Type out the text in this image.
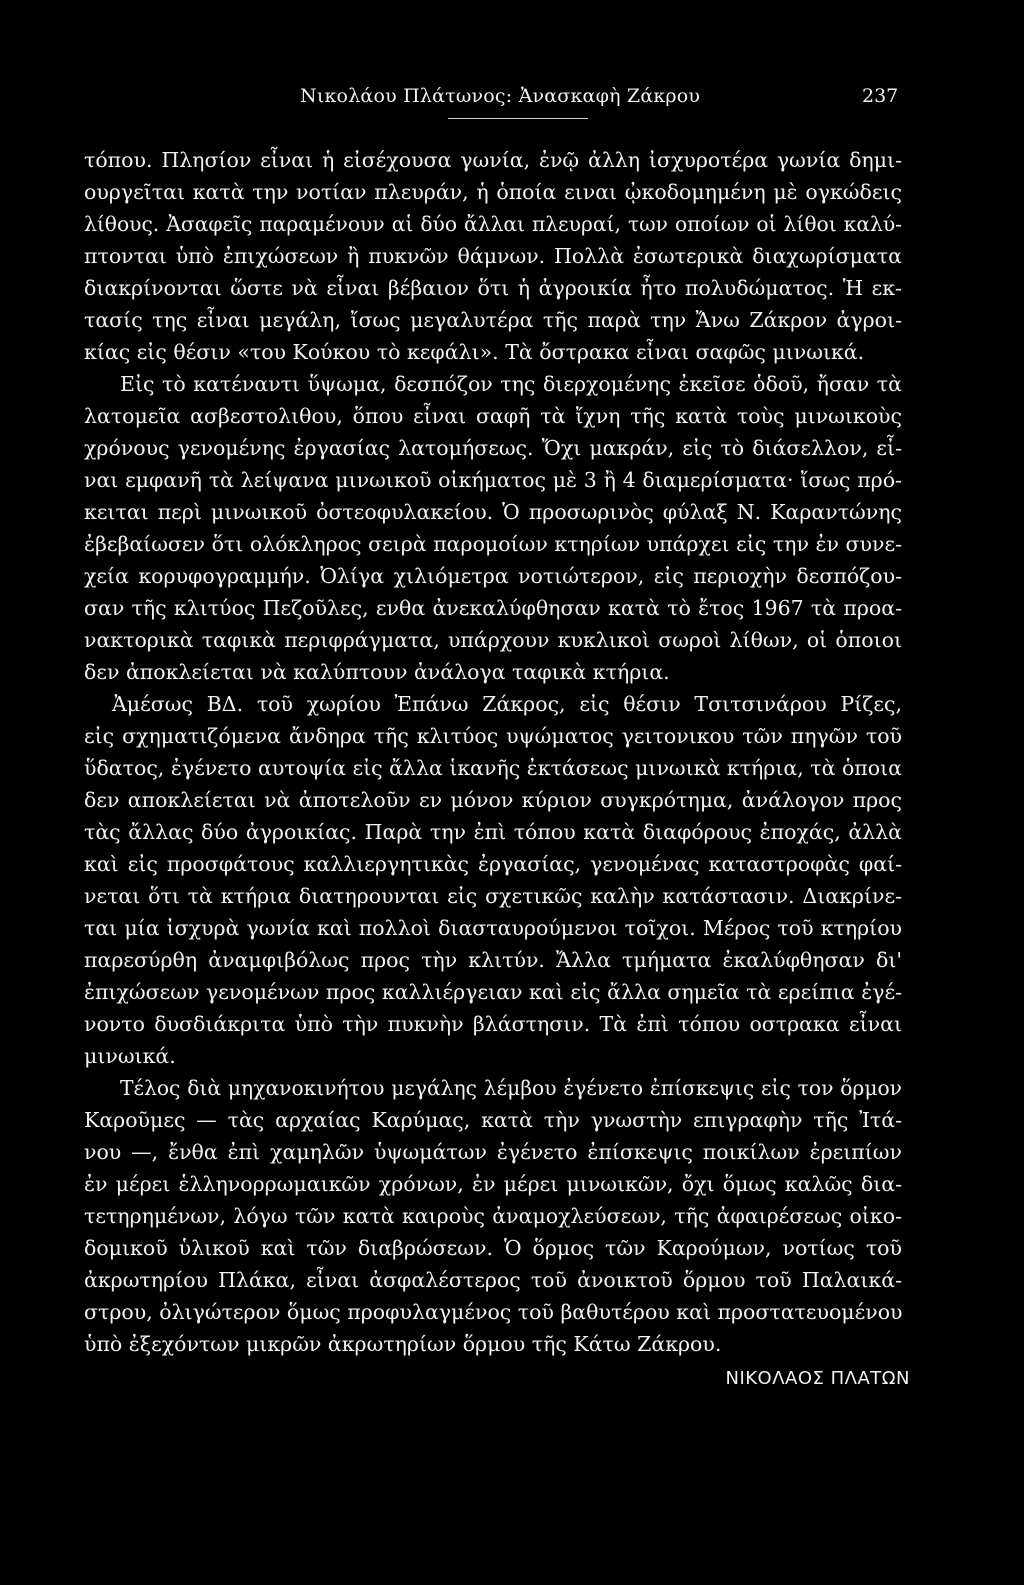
Νικολάου Πλάτωνος: Ἀνασκαφὴ Ζάκρου	237
τόπου. Πλησίον εἶναι ἡ εἰσέχουσα γωνία, ἐνῷ ἀλλη ἰσχυροτέρα γωνία δημι-
ουργεῖται κατὰ την νοτίαν πλευράν, ἡ ὁποία ειναι ᾠκοδομημένη μὲ ογκώδεις
λίθους. Ἀσαφεῖς παραμένουν αἱ δύο ἄλλαι πλευραί, των οποίων οἱ λίθοι καλύ-
πτονται ὑπὸ ἐπιχώσεων ἢ πυκνῶν θάμνων. Πολλὰ ἐσωτερικὰ διαχωρίσματα
διακρίνονται ὥστε νὰ εἶναι βέβαιον ὅτι ἡ ἀγροικία ἦτο πολυδώματος. Ἡ εκ-
τασίς της εἶναι μεγάλη, ἴσως μεγαλυτέρα τῆς παρὰ την Ἄνω Ζάκρον ἀγροι-
κίας εἰς θέσιν «του Κούκου τὸ κεφάλι». Τὰ ὄστρακα εἶναι σαφῶς μινωικά.
Εἰς τὸ κατέναντι ὕψωμα, δεσπόζον της διερχομένης ἐκεῖσε ὁδοῦ, ἤσαν τὰ
λατομεῖα ασβεστολιθου, ὅπου εἶναι σαφῆ τὰ ἴχνη τῆς κατὰ τοὺς μινωικοὺς
χρόνους γενομένης ἐργασίας λατομήσεως. Ὄχι μακράν, εἰς τὸ διάσελλον, εἶ-
ναι εμφανῆ τὰ λείψανα μινωικοῦ οἰκήματος μὲ 3 ἢ 4 διαμερίσματα· ἴσως πρό-
κειται περὶ μινωικοῦ ὀστεοφυλακείου. Ὁ προσωρινὸς φύλαξ Ν. Καραντώνης
ἐβεβαίωσεν ὅτι ολόκληρος σειρὰ παρομοίων κτηρίων υπάρχει εἰς την ἐν συνε-
χεία κορυφογραμμήν. Ὀλίγα χιλιόμετρα νοτιώτερον, εἰς περιοχὴν δεσπόζου-
σαν τῆς κλιτύος Πεζοῦλες, ενθα ἀνεκαλύφθησαν κατὰ τὸ ἔτος 1967 τὰ προα-
νακτορικὰ ταφικὰ περιφράγματα, υπάρχουν κυκλικοὶ σωροὶ λίθων, οἱ ὁποιοι
δεν ἀποκλείεται νὰ καλύπτουν ἀνάλογα ταφικὰ κτήρια.
Ἀμέσως ΒΔ. τοῦ χωρίου Ἐπάνω Ζάκρος, εἰς θέσιν Τσιτσινάρου Ρίζες,
εἰς σχηματιζόμενα ἄνδηρα τῆς κλιτύος υψώματος γειτονικου τῶν πηγῶν τοῦ
ὕδατος, ἐγένετο αυτοψία εἰς ἄλλα ἱκανῆς ἐκτάσεως μινωικὰ κτήρια, τὰ ὁποια
δεν αποκλείεται νὰ ἀποτελοῦν εν μόνον κύριον συγκρότημα, ἀνάλογον προς
τὰς ἄλλας δύο ἀγροικίας. Παρὰ την ἐπὶ τόπου κατὰ διαφόρους ἐποχάς, ἀλλὰ
καὶ εἰς προσφάτους καλλιεργητικὰς ἐργασίας, γενομένας καταστροφὰς φαί-
νεται ὅτι τὰ κτήρια διατηρουνται εἰς σχετικῶς καλὴν κατάστασιν. Διακρίνε-
ται μία ἰσχυρὰ γωνία καὶ πολλοὶ διασταυρούμενοι τοῖχοι. Μέρος τοῦ κτηρίου
παρεσύρθη ἀναμφιβόλως προς τὴν κλιτύν. Ἄλλα τμήματα ἐκαλύφθησαν δι'
ἐπιχώσεων γενομένων προς καλλιέργειαν καὶ εἰς ἄλλα σημεῖα τὰ ερείπια ἐγέ-
νοντο δυσδιάκριτα ὑπὸ τὴν πυκνὴν βλάστησιν. Τὰ ἐπὶ τόπου οστρακα εἶναι
μινωικά.
Τέλος διὰ μηχανοκινήτου μεγάλης λέμβου ἐγένετο ἐπίσκεψις εἰς τον ὅρμον
Καροῦμες — τὰς αρχαίας Καρύμας, κατὰ τὴν γνωστὴν επιγραφὴν τῆς Ἰτά-
νου —, ἔνθα ἐπὶ χαμηλῶν ὑψωμάτων ἐγένετο ἐπίσκεψις ποικίλων ἐρειπίων
ἐν μέρει ἑλληνορρωμαικῶν χρόνων, ἐν μέρει μινωικῶν, ὄχι ὅμως καλῶς δια-
τετηρημένων, λόγω τῶν κατὰ καιροὺς ἀναμοχλεύσεων, τῆς ἀφαιρέσεως οἰκο-
δομικοῦ ὑλικοῦ καὶ τῶν διαβρώσεων. Ὁ ὅρμος τῶν Καρούμων, νοτίως τοῦ
ἀκρωτηρίου Πλάκα, εἶναι ἀσφαλέστερος τοῦ ἀνοικτοῦ ὅρμου τοῦ Παλαικά-
στρου, ὀλιγώτερον ὅμως προφυλαγμένος τοῦ βαθυτέρου καὶ προστατευομένου
ὑπὸ ἐξεχόντων μικρῶν ἀκρωτηρίων ὅρμου τῆς Κάτω Ζάκρου.
ΝΙΚΟΛΑΟΣ ΠΛΑΤΩΝ
